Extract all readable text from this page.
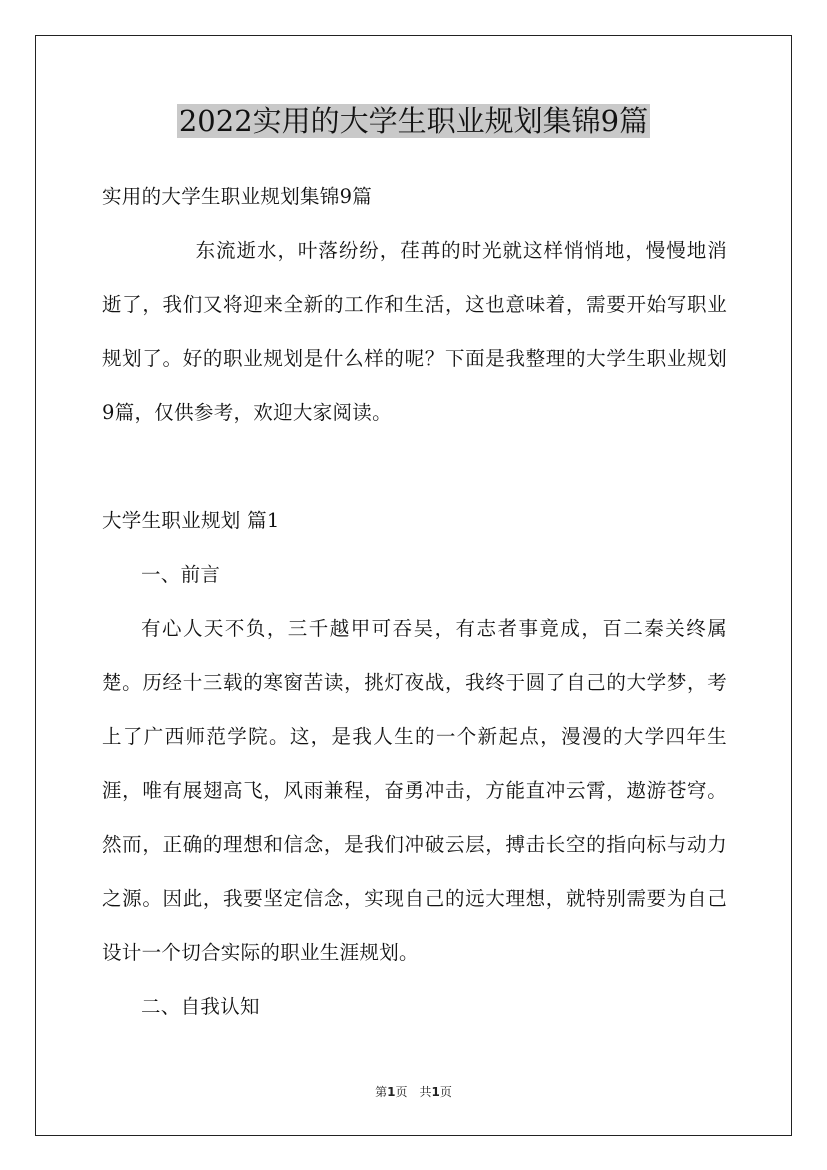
2022实用的大学生职业规划集锦9篇

实用的大学生职业规划集锦9篇

东流逝水，叶落纷纷，荏苒的时光就这样悄悄地，慢慢地消逝了，我们又将迎来全新的工作和生活，这也意味着，需要开始写职业规划了。好的职业规划是什么样的呢？下面是我整理的大学生职业规划9篇，仅供参考，欢迎大家阅读。

大学生职业规划 篇1

一、前言

有心人天不负，三千越甲可吞吴，有志者事竟成，百二秦关终属楚。历经十三载的寒窗苦读，挑灯夜战，我终于圆了自己的大学梦，考上了广西师范学院。这，是我人生的一个新起点，漫漫的大学四年生涯，唯有展翅高飞，风雨兼程，奋勇冲击，方能直冲云霄，遨游苍穹。然而，正确的理想和信念，是我们冲破云层，搏击长空的指向标与动力之源。因此，我要坚定信念，实现自己的远大理想，就特别需要为自己设计一个切合实际的职业生涯规划。

二、自我认知

第1页　共1页
